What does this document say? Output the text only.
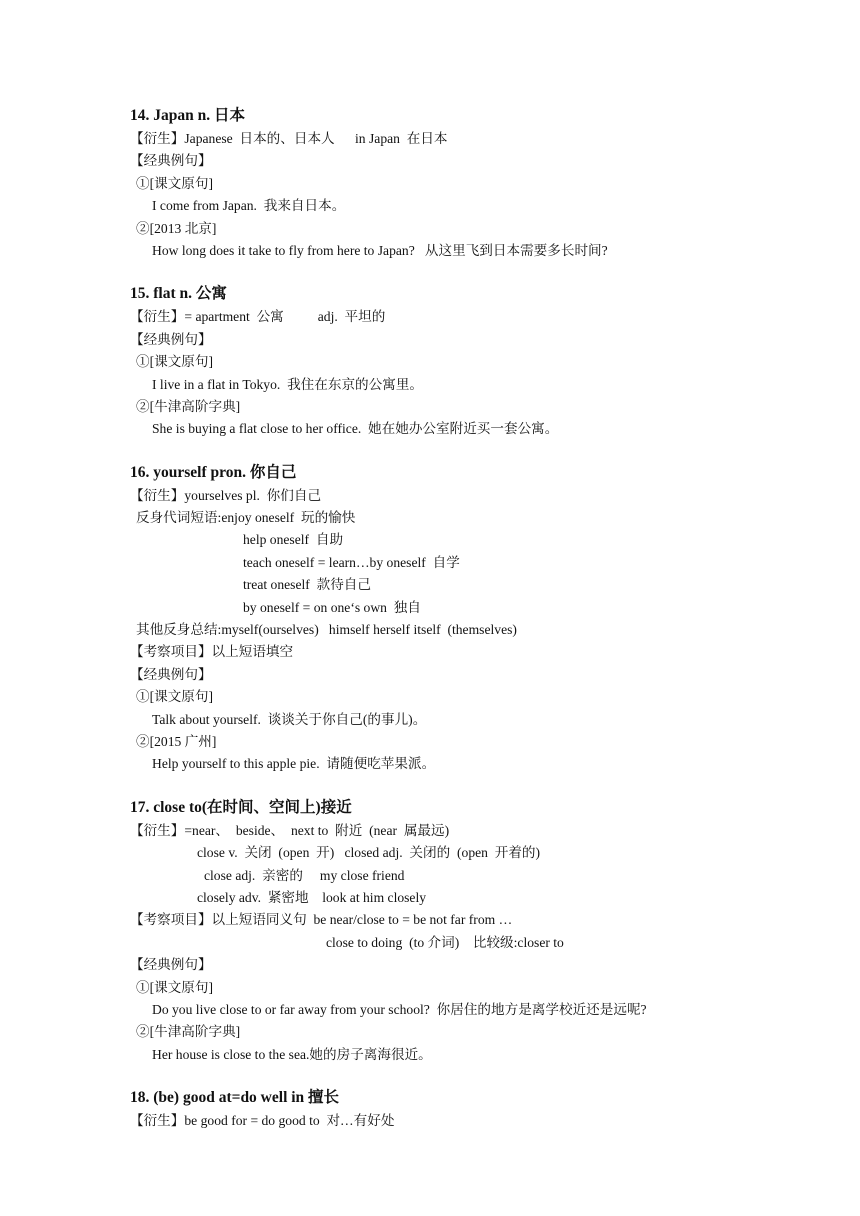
14. Japan n. 日本
【衍生】Japanese  日本的、日本人      in Japan  在日本
【经典例句】
①[课文原句]
I come from Japan.  我来自日本。
②[2013 北京]
How long does it take to fly from here to Japan?   从这里飞到日本需要多长时间?
15. flat n. 公寓
【衍生】= apartment  公寓          adj.  平坦的
【经典例句】
①[课文原句]
I live in a flat in Tokyo.  我住在东京的公寓里。
②[牛津高阶字典]
She is buying a flat close to her office.  她在她办公室附近买一套公寓。
16. yourself pron. 你自己
【衍生】yourselves pl.  你们自己
反身代词短语:enjoy oneself  玩的愉快
help oneself  自助
teach oneself = learn…by oneself  自学
treat oneself  款待自己
by oneself = on one‘s own  独自
其他反身总结:myself(ourselves)   himself herself itself  (themselves)
【考察项目】以上短语填空
【经典例句】
①[课文原句]
Talk about yourself.  谈谈关于你自己(的事儿)。
②[2015 广州]
Help yourself to this apple pie.  请随便吃苹果派。
17. close to(在时间、空间上)接近
【衍生】=near、  beside、  next to  附近  (near  属最远)
close v.  关闭  (open  开)   closed adj.  关闭的  (open  开着的)
close adj.  亲密的     my close friend
closely adv.  紧密地    look at him closely
【考察项目】以上短语同义句  be near/close to = be not far from …
close to doing  (to 介词)    比较级:closer to
【经典例句】
①[课文原句]
Do you live close to or far away from your school?  你居住的地方是离学校近还是远呢?
②[牛津高阶字典]
Her house is close to the sea.她的房子离海很近。
18. (be) good at=do well in 擅长
【衍生】be good for = do good to  对…有好处
